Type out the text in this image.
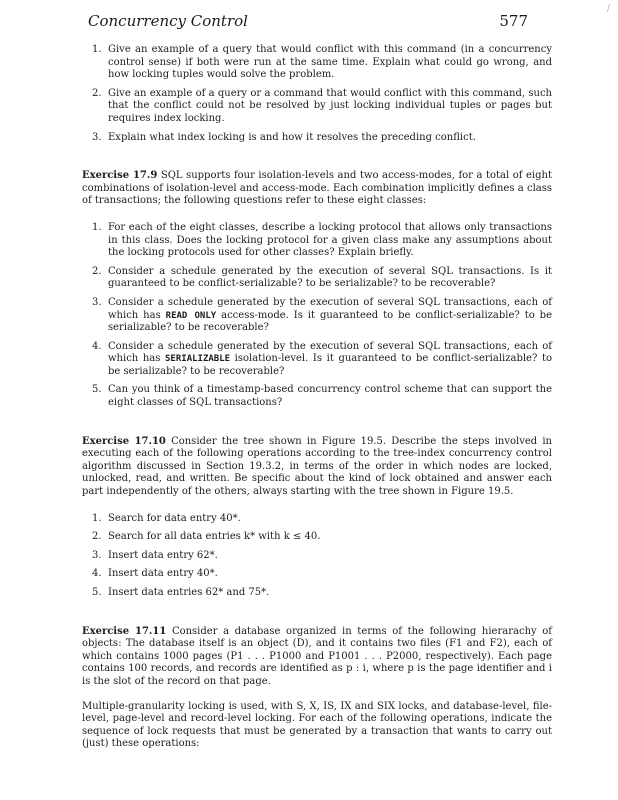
/
Concurrency Control	577
1. Give an example of a query that would conflict with this command (in a concurrency control sense) if both were run at the same time. Explain what could go wrong, and how locking tuples would solve the problem.
2. Give an example of a query or a command that would conflict with this command, such that the conflict could not be resolved by just locking individual tuples or pages but requires index locking.
3. Explain what index locking is and how it resolves the preceding conflict.

Exercise 17.9 SQL supports four isolation-levels and two access-modes, for a total of eight combinations of isolation-level and access-mode. Each combination implicitly defines a class of transactions; the following questions refer to these eight classes:

1. For each of the eight classes, describe a locking protocol that allows only transactions in this class. Does the locking protocol for a given class make any assumptions about the locking protocols used for other classes? Explain briefly.
2. Consider a schedule generated by the execution of several SQL transactions. Is it guaranteed to be conflict-serializable? to be serializable? to be recoverable?
3. Consider a schedule generated by the execution of several SQL transactions, each of which has READ ONLY access-mode. Is it guaranteed to be conflict-serializable? to be serializable? to be recoverable?
4. Consider a schedule generated by the execution of several SQL transactions, each of which has SERIALIZABLE isolation-level. Is it guaranteed to be conflict-serializable? to be serializable? to be recoverable?
5. Can you think of a timestamp-based concurrency control scheme that can support the eight classes of SQL transactions?

Exercise 17.10 Consider the tree shown in Figure 19.5. Describe the steps involved in executing each of the following operations according to the tree-index concurrency control algorithm discussed in Section 19.3.2, in terms of the order in which nodes are locked, unlocked, read, and written. Be specific about the kind of lock obtained and answer each part independently of the others, always starting with the tree shown in Figure 19.5.

1. Search for data entry 40*.
2. Search for all data entries k* with k ≤ 40.
3. Insert data entry 62*.
4. Insert data entry 40*.
5. Insert data entries 62* and 75*.

Exercise 17.11 Consider a database organized in terms of the following hierarachy of objects: The database itself is an object (D), and it contains two files (F1 and F2), each of which contains 1000 pages (P1 . . . P1000 and P1001 . . . P2000, respectively). Each page contains 100 records, and records are identified as p : i, where p is the page identifier and i is the slot of the record on that page.

Multiple-granularity locking is used, with S, X, IS, IX and SIX locks, and database-level, file-level, page-level and record-level locking. For each of the following operations, indicate the sequence of lock requests that must be generated by a transaction that wants to carry out (just) these operations:
